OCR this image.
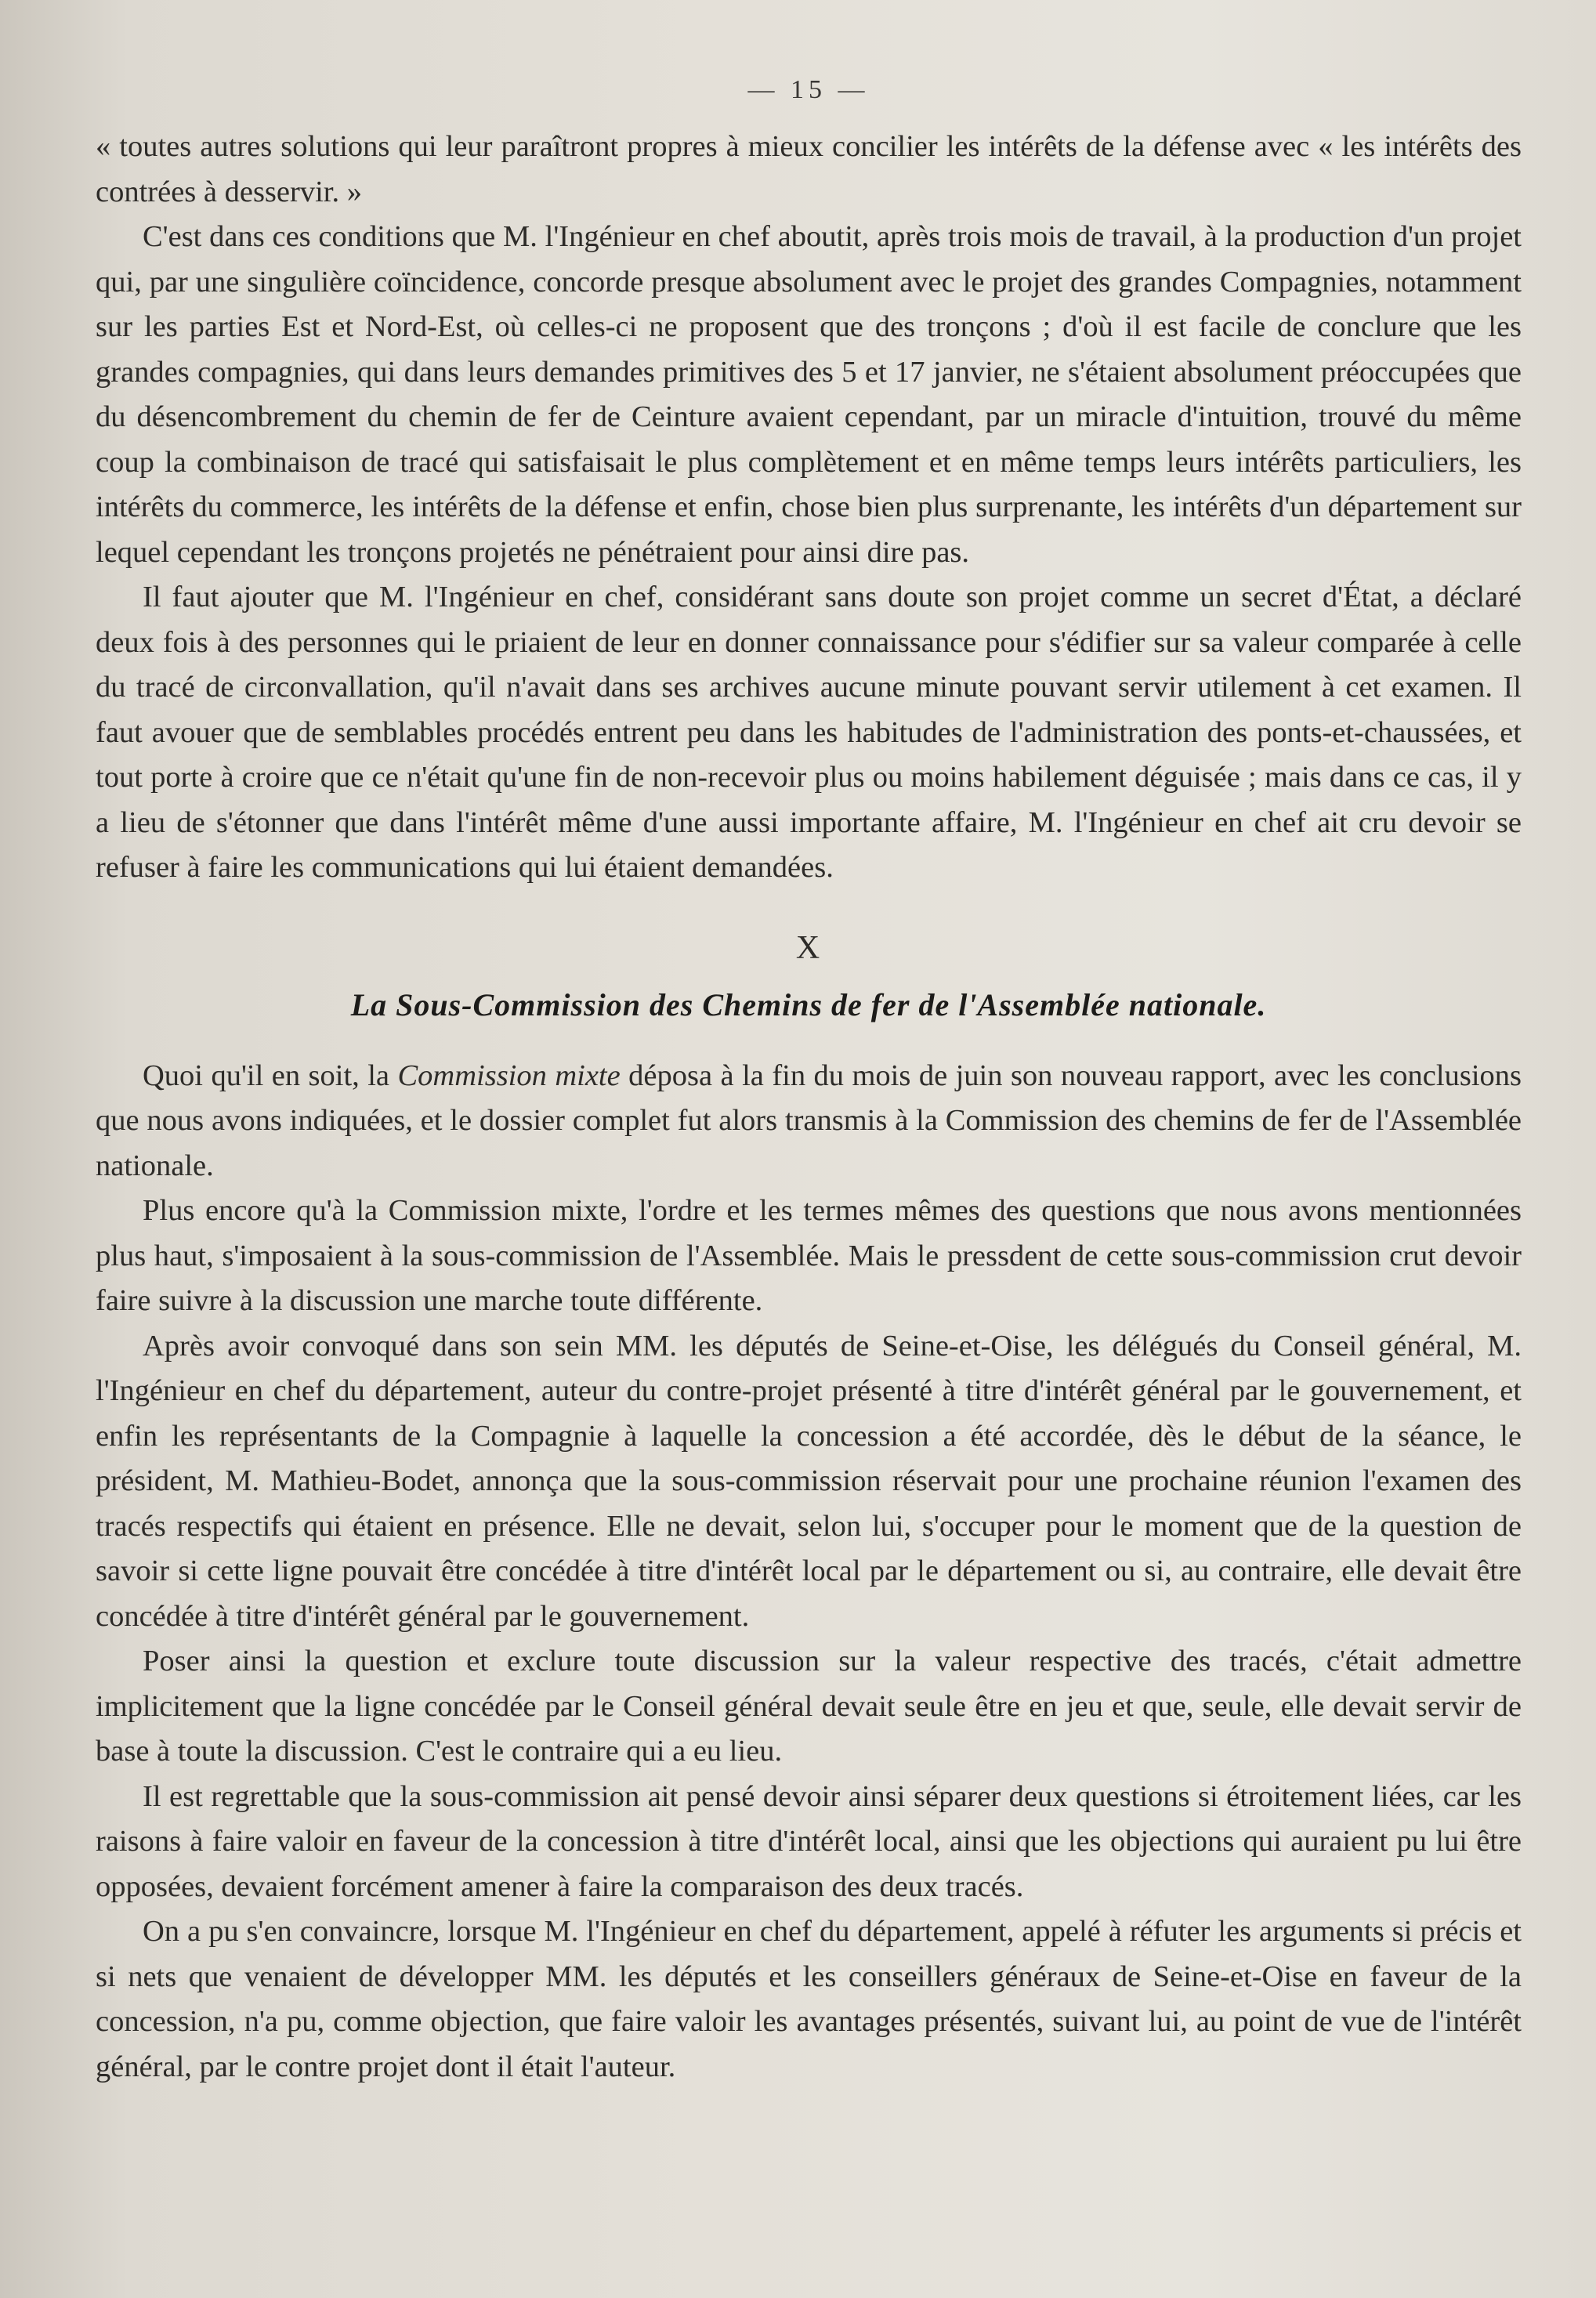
— 15 —

« toutes autres solutions qui leur paraîtront propres à mieux concilier les intérêts de la défense avec « les intérêts des contrées à desservir. »

C'est dans ces conditions que M. l'Ingénieur en chef aboutit, après trois mois de travail, à la production d'un projet qui, par une singulière coïncidence, concorde presque absolument avec le projet des grandes Compagnies, notamment sur les parties Est et Nord-Est, où celles-ci ne proposent que des tronçons ; d'où il est facile de conclure que les grandes compagnies, qui dans leurs demandes primitives des 5 et 17 janvier, ne s'étaient absolument préoccupées que du désencombrement du chemin de fer de Ceinture avaient cependant, par un miracle d'intuition, trouvé du même coup la combinaison de tracé qui satisfaisait le plus complètement et en même temps leurs intérêts particuliers, les intérêts du commerce, les intérêts de la défense et enfin, chose bien plus surprenante, les intérêts d'un département sur lequel cependant les tronçons projetés ne pénétraient pour ainsi dire pas.

Il faut ajouter que M. l'Ingénieur en chef, considérant sans doute son projet comme un secret d'État, a déclaré deux fois à des personnes qui le priaient de leur en donner connaissance pour s'édifier sur sa valeur comparée à celle du tracé de circonvallation, qu'il n'avait dans ses archives aucune minute pouvant servir utilement à cet examen. Il faut avouer que de semblables procédés entrent peu dans les habitudes de l'administration des ponts-et-chaussées, et tout porte à croire que ce n'était qu'une fin de non-recevoir plus ou moins habilement déguisée ; mais dans ce cas, il y a lieu de s'étonner que dans l'intérêt même d'une aussi importante affaire, M. l'Ingénieur en chef ait cru devoir se refuser à faire les communications qui lui étaient demandées.

X
La Sous-Commission des Chemins de fer de l'Assemblée nationale.

Quoi qu'il en soit, la Commission mixte déposa à la fin du mois de juin son nouveau rapport, avec les conclusions que nous avons indiquées, et le dossier complet fut alors transmis à la Commission des chemins de fer de l'Assemblée nationale.

Plus encore qu'à la Commission mixte, l'ordre et les termes mêmes des questions que nous avons mentionnées plus haut, s'imposaient à la sous-commission de l'Assemblée. Mais le pressdent de cette sous-commission crut devoir faire suivre à la discussion une marche toute différente.

Après avoir convoqué dans son sein MM. les députés de Seine-et-Oise, les délégués du Conseil général, M. l'Ingénieur en chef du département, auteur du contre-projet présenté à titre d'intérêt général par le gouvernement, et enfin les représentants de la Compagnie à laquelle la concession a été accordée, dès le début de la séance, le président, M. Mathieu-Bodet, annonça que la sous-commission réservait pour une prochaine réunion l'examen des tracés respectifs qui étaient en présence. Elle ne devait, selon lui, s'occuper pour le moment que de la question de savoir si cette ligne pouvait être concédée à titre d'intérêt local par le département ou si, au contraire, elle devait être concédée à titre d'intérêt général par le gouvernement.

Poser ainsi la question et exclure toute discussion sur la valeur respective des tracés, c'était admettre implicitement que la ligne concédée par le Conseil général devait seule être en jeu et que, seule, elle devait servir de base à toute la discussion. C'est le contraire qui a eu lieu.

Il est regrettable que la sous-commission ait pensé devoir ainsi séparer deux questions si étroitement liées, car les raisons à faire valoir en faveur de la concession à titre d'intérêt local, ainsi que les objections qui auraient pu lui être opposées, devaient forcément amener à faire la comparaison des deux tracés.

On a pu s'en convaincre, lorsque M. l'Ingénieur en chef du département, appelé à réfuter les arguments si précis et si nets que venaient de développer MM. les députés et les conseillers généraux de Seine-et-Oise en faveur de la concession, n'a pu, comme objection, que faire valoir les avantages présentés, suivant lui, au point de vue de l'intérêt général, par le contre projet dont il était l'auteur.
